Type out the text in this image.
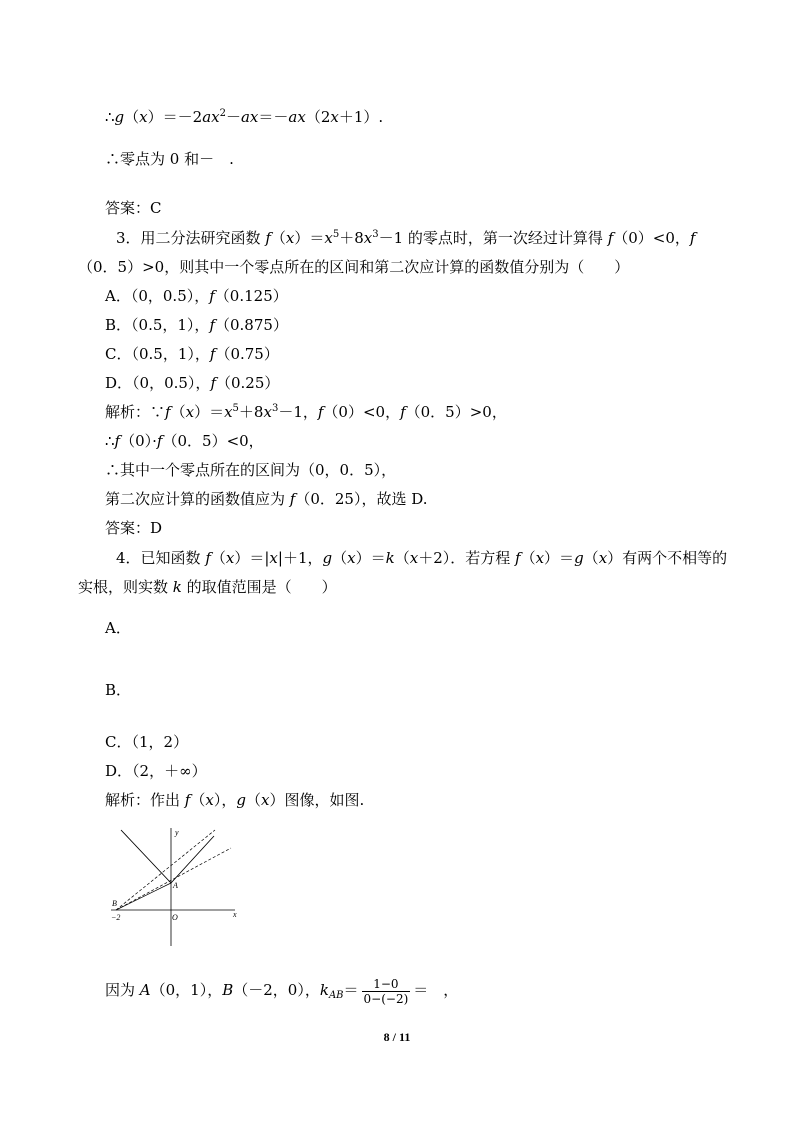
$\therefore g(x)=-2ax^2-ax=-ax(2x+1)$.
∴零点为 0 和－　.
答案：C
3．用二分法研究函数 $f(x)=x^5+8x^3-1$ 的零点时，第一次经过计算得 f（0）<0，f
（0．5）>0，则其中一个零点所在的区间和第二次应计算的函数值分别为（　　）
A．（0，0.5），f（0.125）
B．（0.5，1），f（0.875）
C．（0.5，1），f（0.75）
D．（0，0.5），f（0.25）
解析：$\because f(x)=x^5+8x^3-1$，f（0）<0，f（0．5）>0，
∴f（0）·f（0．5）<0，
∴其中一个零点所在的区间为（0，0．5），
第二次应计算的函数值应为 f（0．25），故选 D.
答案：D
4．已知函数 f（x）＝|x|＋1，g（x）＝k（x＋2）．若方程 f（x）＝g（x）有两个不相等的
实根，则实数 k 的取值范围是（　　）
A．
B．
C．（1，2）
D．（2，＋∞）
解析：作出 f（x），g（x）图像，如图.
y
x
A
B
O
−2
因为 A（0，1），B（－2，0），$k_{AB}= \frac{1-0}{0-(-2)}$ ＝　，
8 / 11
